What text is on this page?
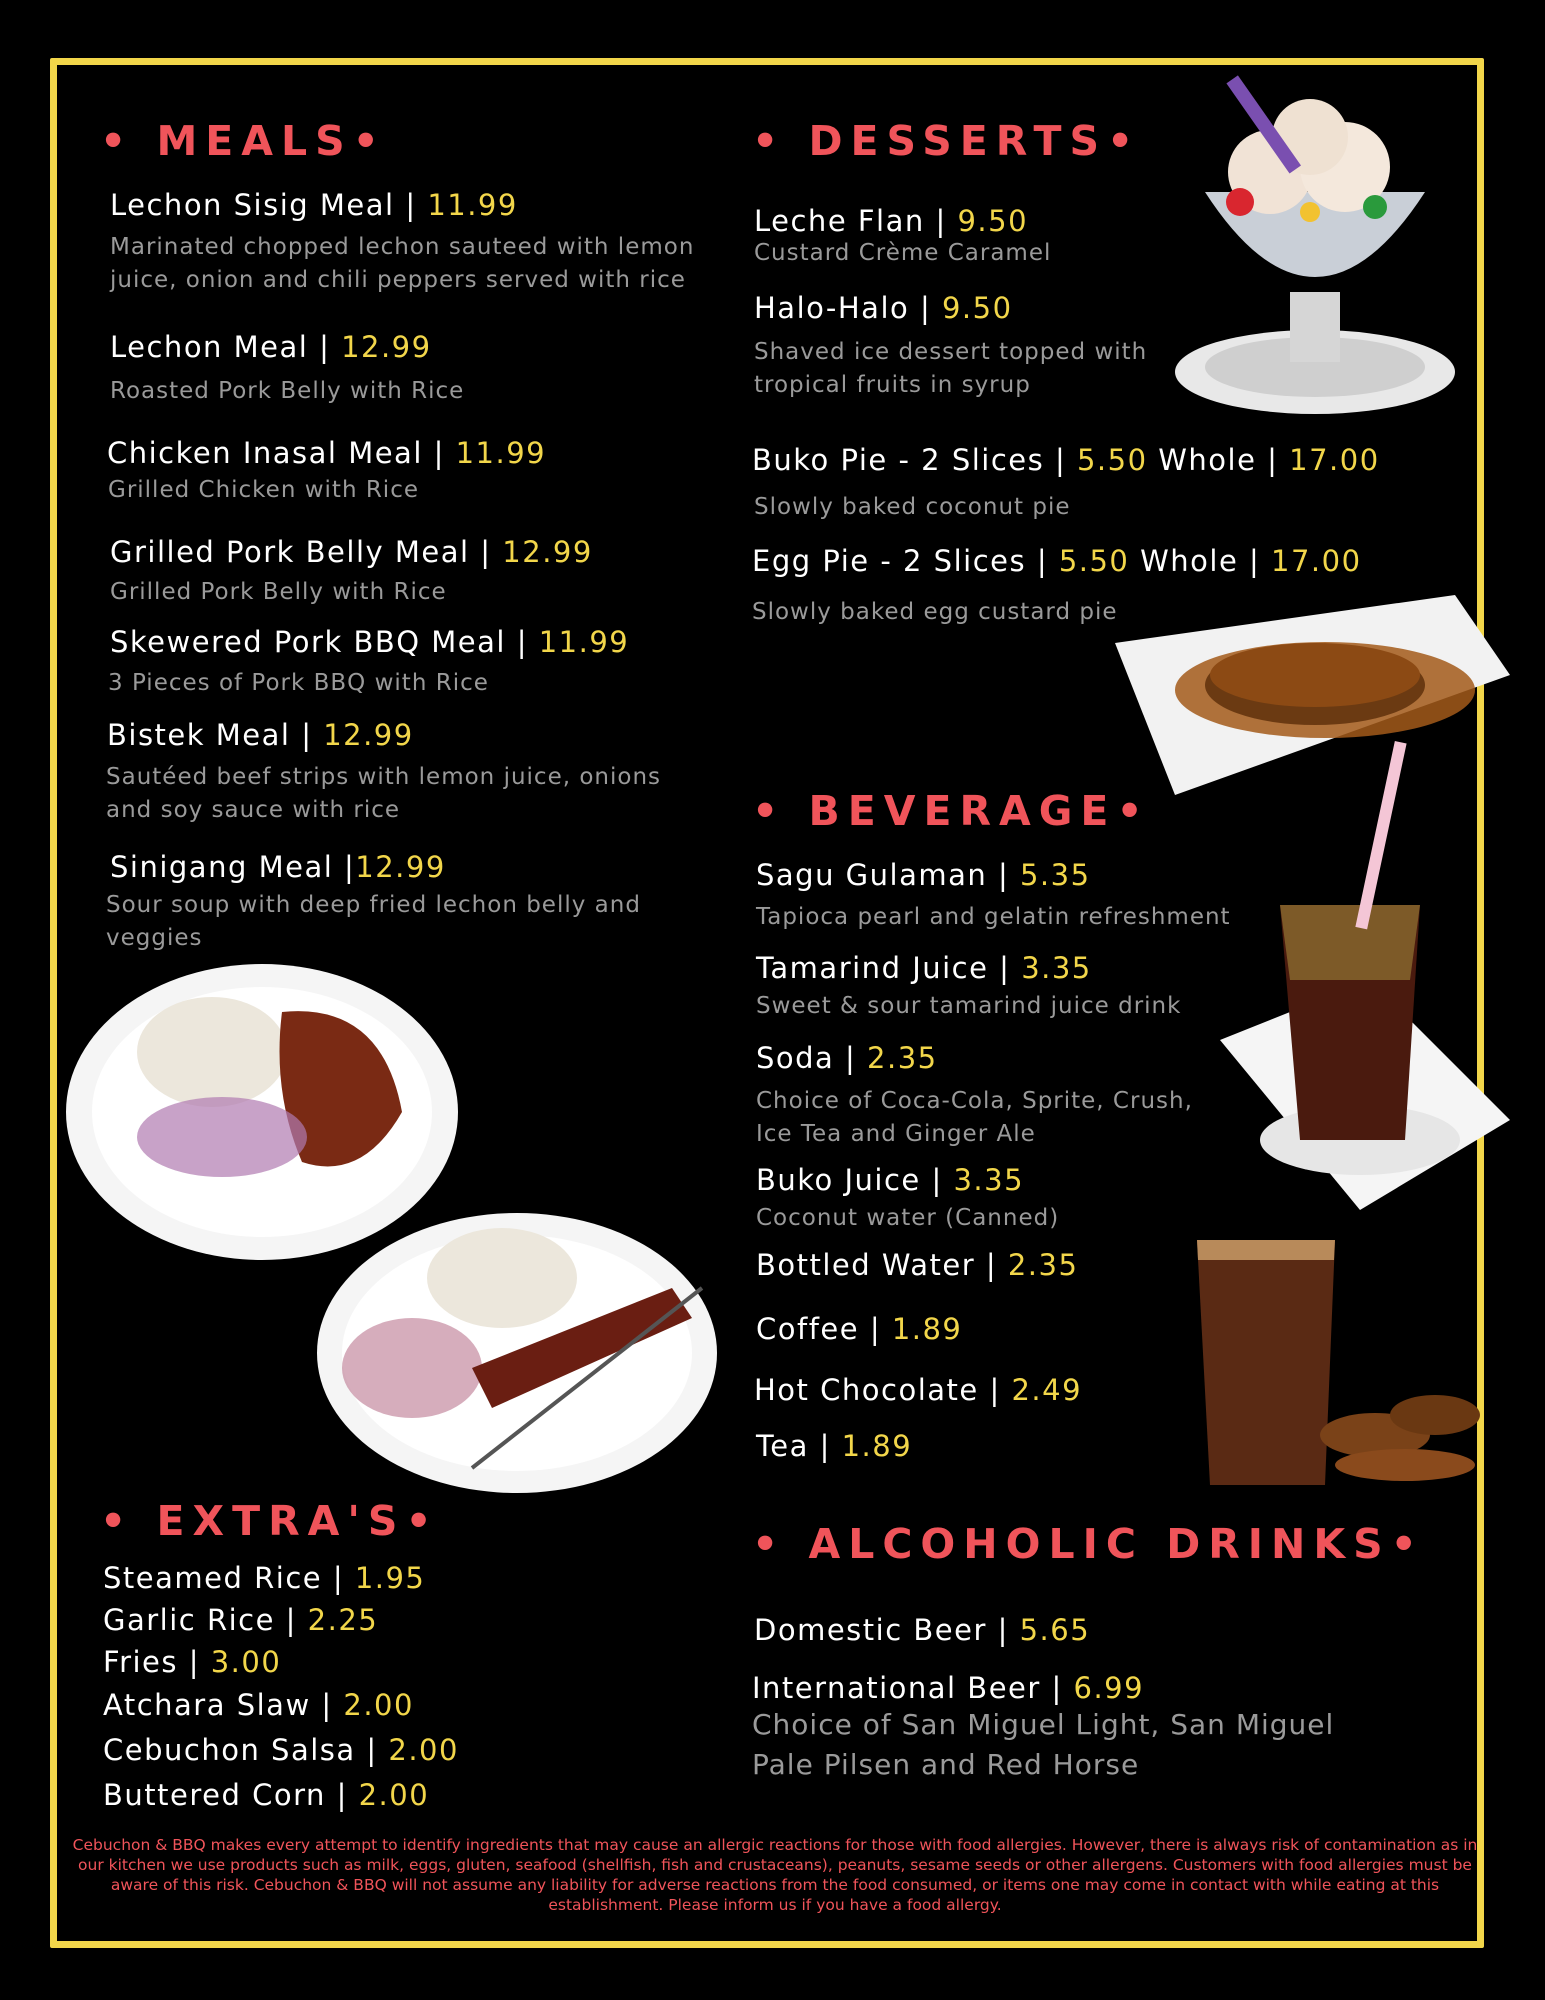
• MEALS•
Lechon Sisig Meal | 11.99
Marinated chopped lechon sauteed with lemon juice, onion and chili peppers served with rice
Lechon Meal | 12.99
Roasted Pork Belly with Rice
Chicken Inasal Meal | 11.99
Grilled Chicken with Rice
Grilled Pork Belly Meal | 12.99
Grilled Pork Belly with Rice
Skewered Pork BBQ Meal | 11.99
3 Pieces of Pork BBQ with Rice
Bistek Meal | 12.99
Sautéed beef strips with lemon juice, onions and soy sauce with rice
Sinigang Meal |12.99
Sour soup with deep fried lechon belly and veggies
• DESSERTS•
Leche Flan | 9.50
Custard Crème Caramel
Halo-Halo | 9.50
Shaved ice dessert topped with tropical fruits in syrup
Buko Pie - 2 Slices | 5.50 Whole | 17.00
Slowly baked coconut pie
Egg Pie - 2 Slices | 5.50 Whole | 17.00
Slowly baked egg custard pie
• BEVERAGE•
Sagu Gulaman | 5.35
Tapioca pearl and gelatin refreshment
Tamarind Juice | 3.35
Sweet & sour tamarind juice drink
Soda | 2.35
Choice of Coca-Cola, Sprite, Crush, Ice Tea and Ginger Ale
Buko Juice | 3.35
Coconut water (Canned)
Bottled Water | 2.35
Coffee | 1.89
Hot Chocolate | 2.49
Tea | 1.89
• EXTRA'S•
Steamed Rice | 1.95
Garlic Rice | 2.25
Fries | 3.00
Atchara Slaw | 2.00
Cebuchon Salsa | 2.00
Buttered Corn | 2.00
• ALCOHOLIC DRINKS•
Domestic Beer | 5.65
International Beer | 6.99
Choice of San Miguel Light, San Miguel Pale Pilsen and Red Horse
Cebuchon & BBQ makes every attempt to identify ingredients that may cause an allergic reactions for those with food allergies. However, there is always risk of contamination as in our kitchen we use products such as milk, eggs, gluten, seafood (shellfish, fish and crustaceans), peanuts, sesame seeds or other allergens. Customers with food allergies must be aware of this risk. Cebuchon & BBQ will not assume any liability for adverse reactions from the food consumed, or items one may come in contact with while eating at this establishment. Please inform us if you have a food allergy.
